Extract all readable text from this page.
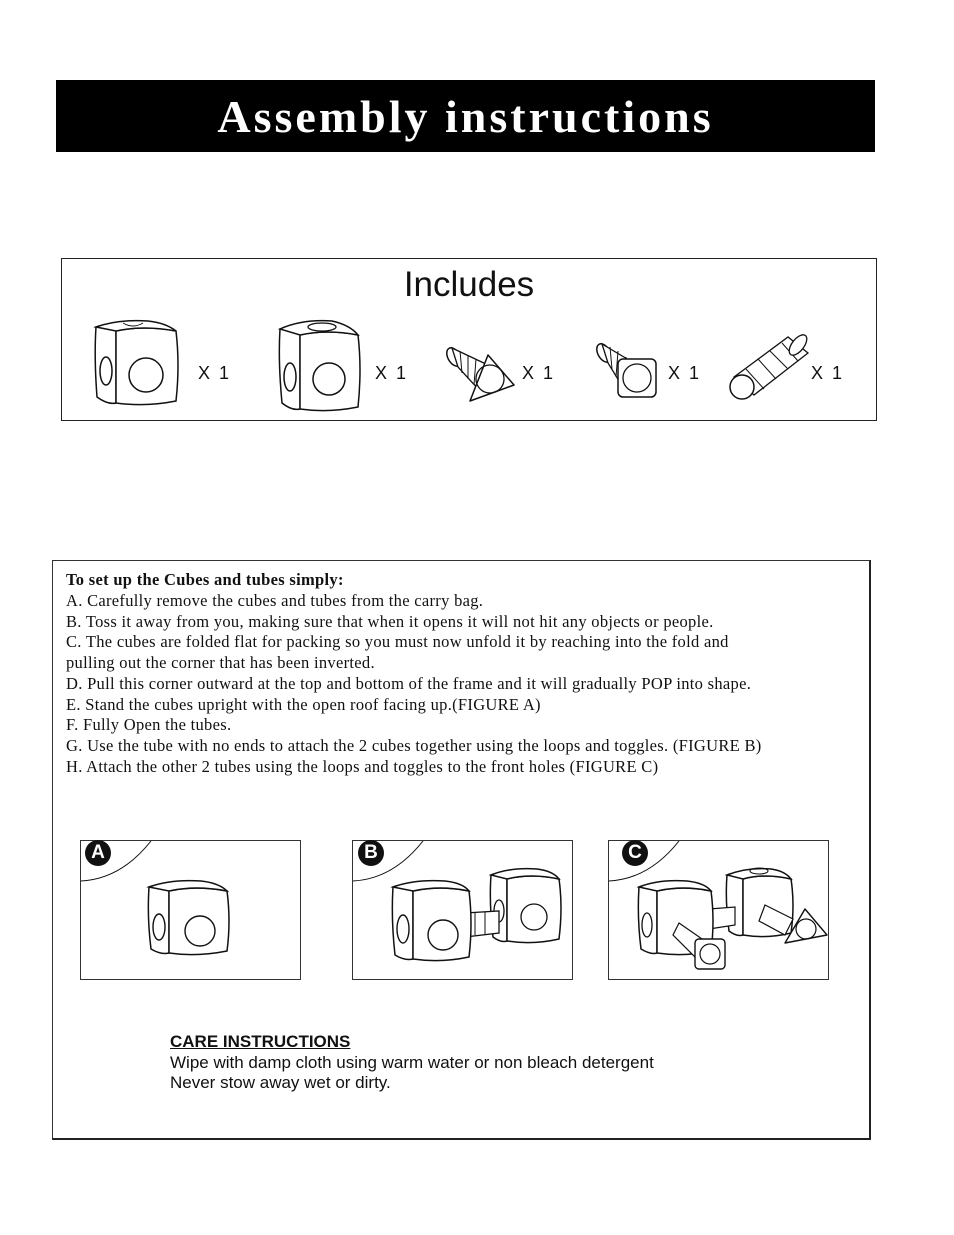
Assembly instructions
Includes
X 1	X 1	X 1	X 1	X 1
To set up the Cubes and tubes simply:
A. Carefully remove the cubes and tubes from the carry bag.
B. Toss it away from you, making sure that when it opens it will not hit any objects or people.
C. The cubes are folded flat for packing so you must now unfold it by reaching into the fold and
pulling out the corner that has been inverted.
D. Pull this corner outward at the top and bottom of the frame and it will gradually POP into shape.
E. Stand the cubes upright with the open roof facing up.(FIGURE A)
F. Fully Open the tubes.
G. Use the tube with no ends to attach the 2 cubes together using the loops and toggles. (FIGURE B)
H. Attach the other 2 tubes using the loops and toggles to the front holes (FIGURE C)
A	B	C
CARE INSTRUCTIONS
Wipe with damp cloth using warm water or non bleach detergent
Never stow away wet or dirty.
